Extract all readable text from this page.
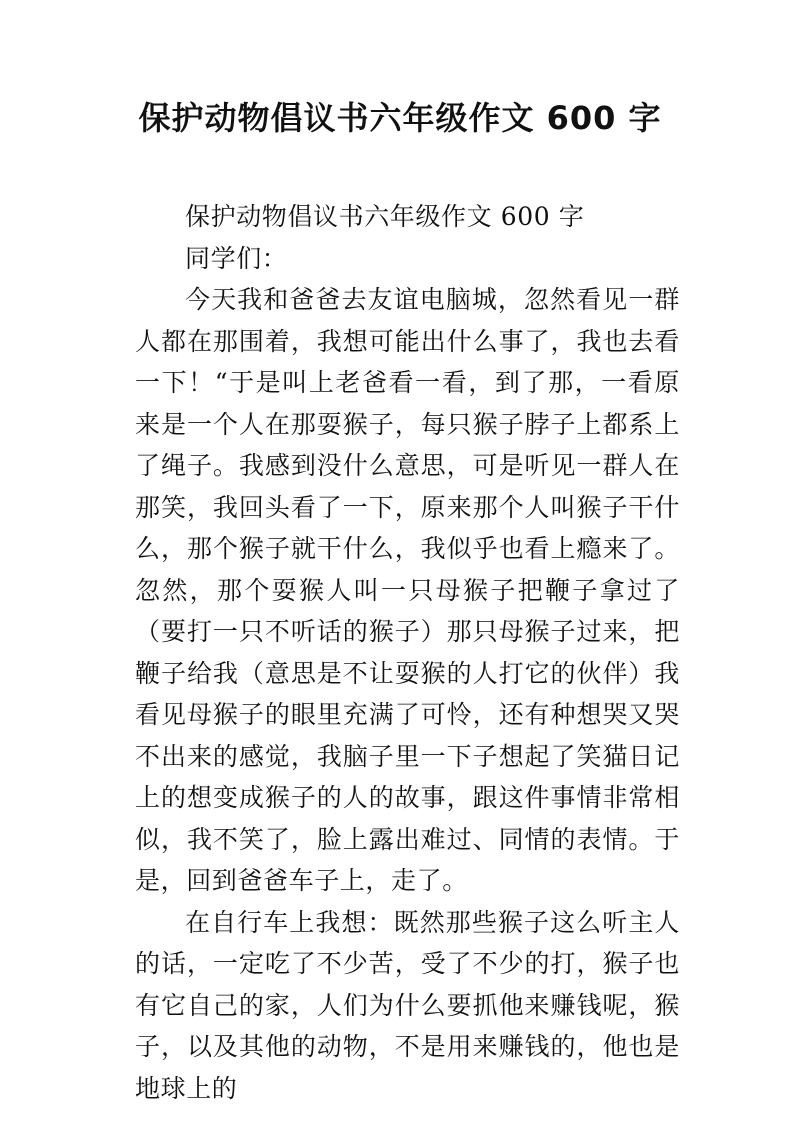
保护动物倡议书六年级作文 600 字

保护动物倡议书六年级作文 600 字

同学们：

今天我和爸爸去友谊电脑城，忽然看见一群人都在那围着，我想可能出什么事了，我也去看一下！“于是叫上老爸看一看，到了那，一看原来是一个人在那耍猴子，每只猴子脖子上都系上了绳子。我感到没什么意思，可是听见一群人在那笑，我回头看了一下，原来那个人叫猴子干什么，那个猴子就干什么，我似乎也看上瘾来了。忽然，那个耍猴人叫一只母猴子把鞭子拿过了（要打一只不听话的猴子）那只母猴子过来，把鞭子给我（意思是不让耍猴的人打它的伙伴）我看见母猴子的眼里充满了可怜，还有种想哭又哭不出来的感觉，我脑子里一下子想起了笑猫日记上的想变成猴子的人的故事，跟这件事情非常相似，我不笑了，脸上露出难过、同情的表情。于是，回到爸爸车子上，走了。

在自行车上我想：既然那些猴子这么听主人的话，一定吃了不少苦，受了不少的打，猴子也有它自己的家，人们为什么要抓他来赚钱呢，猴子，以及其他的动物，不是用来赚钱的，他也是地球上的
